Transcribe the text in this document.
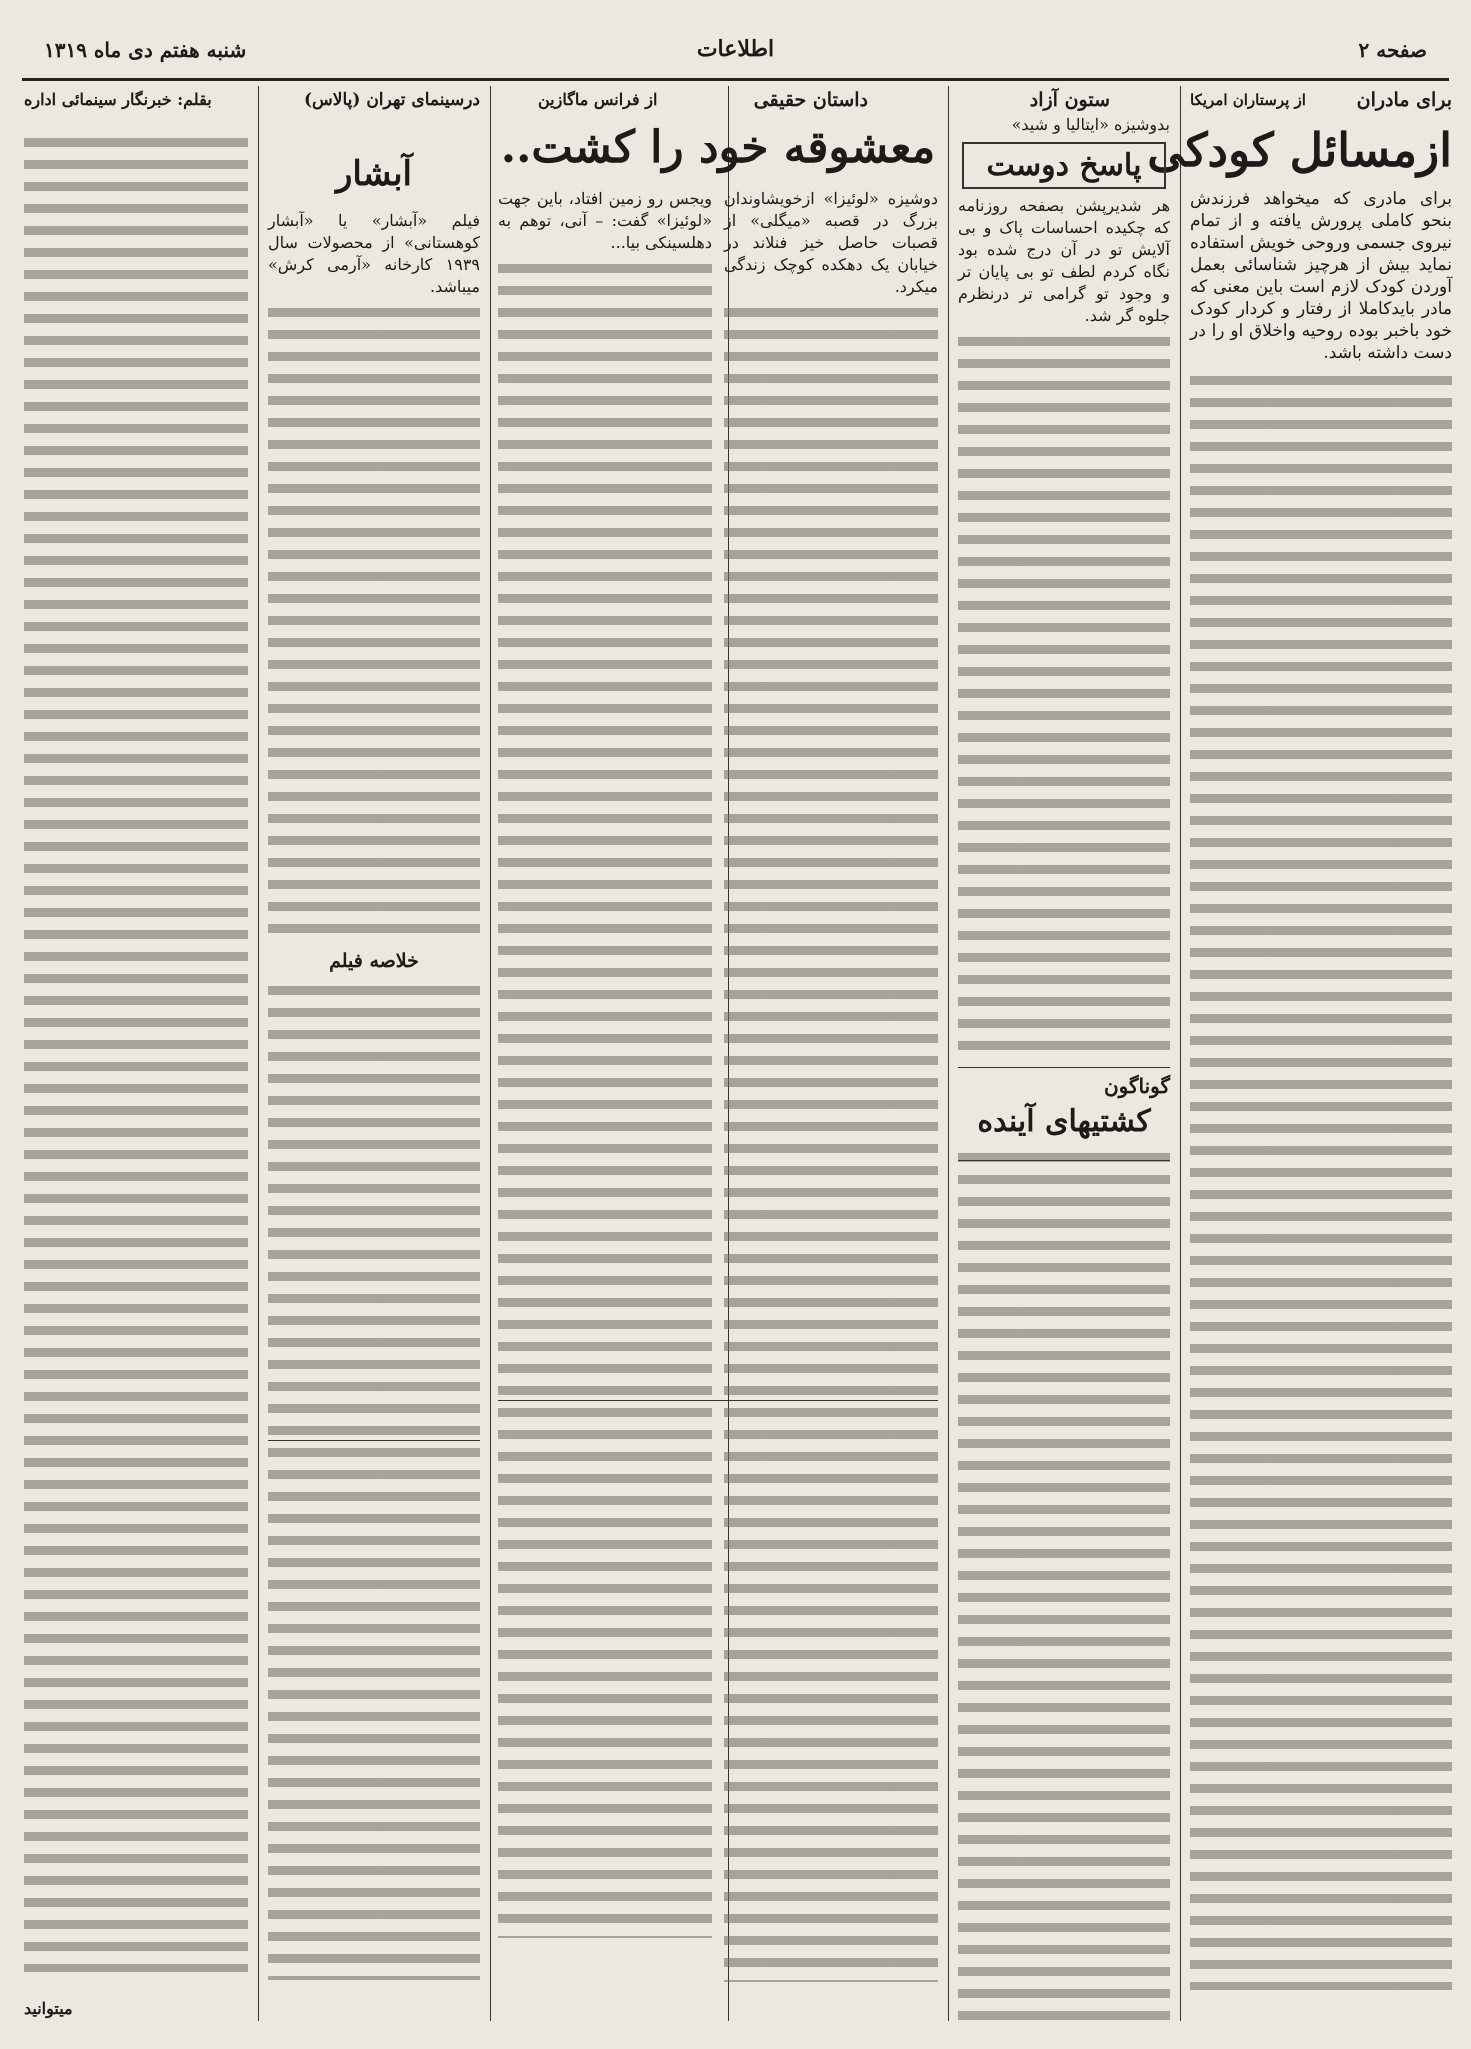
صفحه ۲
اطلاعات
شنبه هفتم دی ماه ۱۳۱۹
برای مادران
از پرستاران امریکا
ازمسائل کودکی
برای مادری که میخواهد فرزندش بنحو کاملی پرورش یافته و از تمام نیروی جسمی وروحی خویش استفاده نماید بیش از هرچیز شناسائی بعمل آوردن کودک لازم است باین معنی که مادر بایدکاملا از رفتار و کردار کودک خود باخبر بوده روحیه واخلاق او را در دست داشته باشد.
ستون آزاد
بدوشیزه «ایتالیا و شید»
پاسخ دوست
هر شدیرپشن بصفحه روزنامه که چکیده احساسات پاک و بی آلایش تو در آن درج شده بود نگاه کردم لطف تو بی پایان تر و وجود تو گرامی تر درنظرم جلوه گر شد.
گوناگون
کشتیهای آینده
داستان حقیقی
از فرانس ماگازین
معشوقه خود را کشت..
دوشیزه «لوئیزا» ازخویشاوندان بزرگ در قصبه «میگلی» از قصبات حاصل خیز فنلاند در خیابان یک دهکده کوچک زندگی میکرد.
ویجس رو زمین افتاد، باین جهت «لوئیزا» گفت: – آنی، توهم به دهلسینکی بیا...
درسینمای تهران (پالاس)
آبشار
فیلم «آبشار» یا «آبشار کوهستانی» از محصولات سال ۱۹۳۹ کارخانه «آرمی کرش» میباشد.
خلاصه فیلم
بقلم: خبرنگار سینمائی اداره
میتوانید
